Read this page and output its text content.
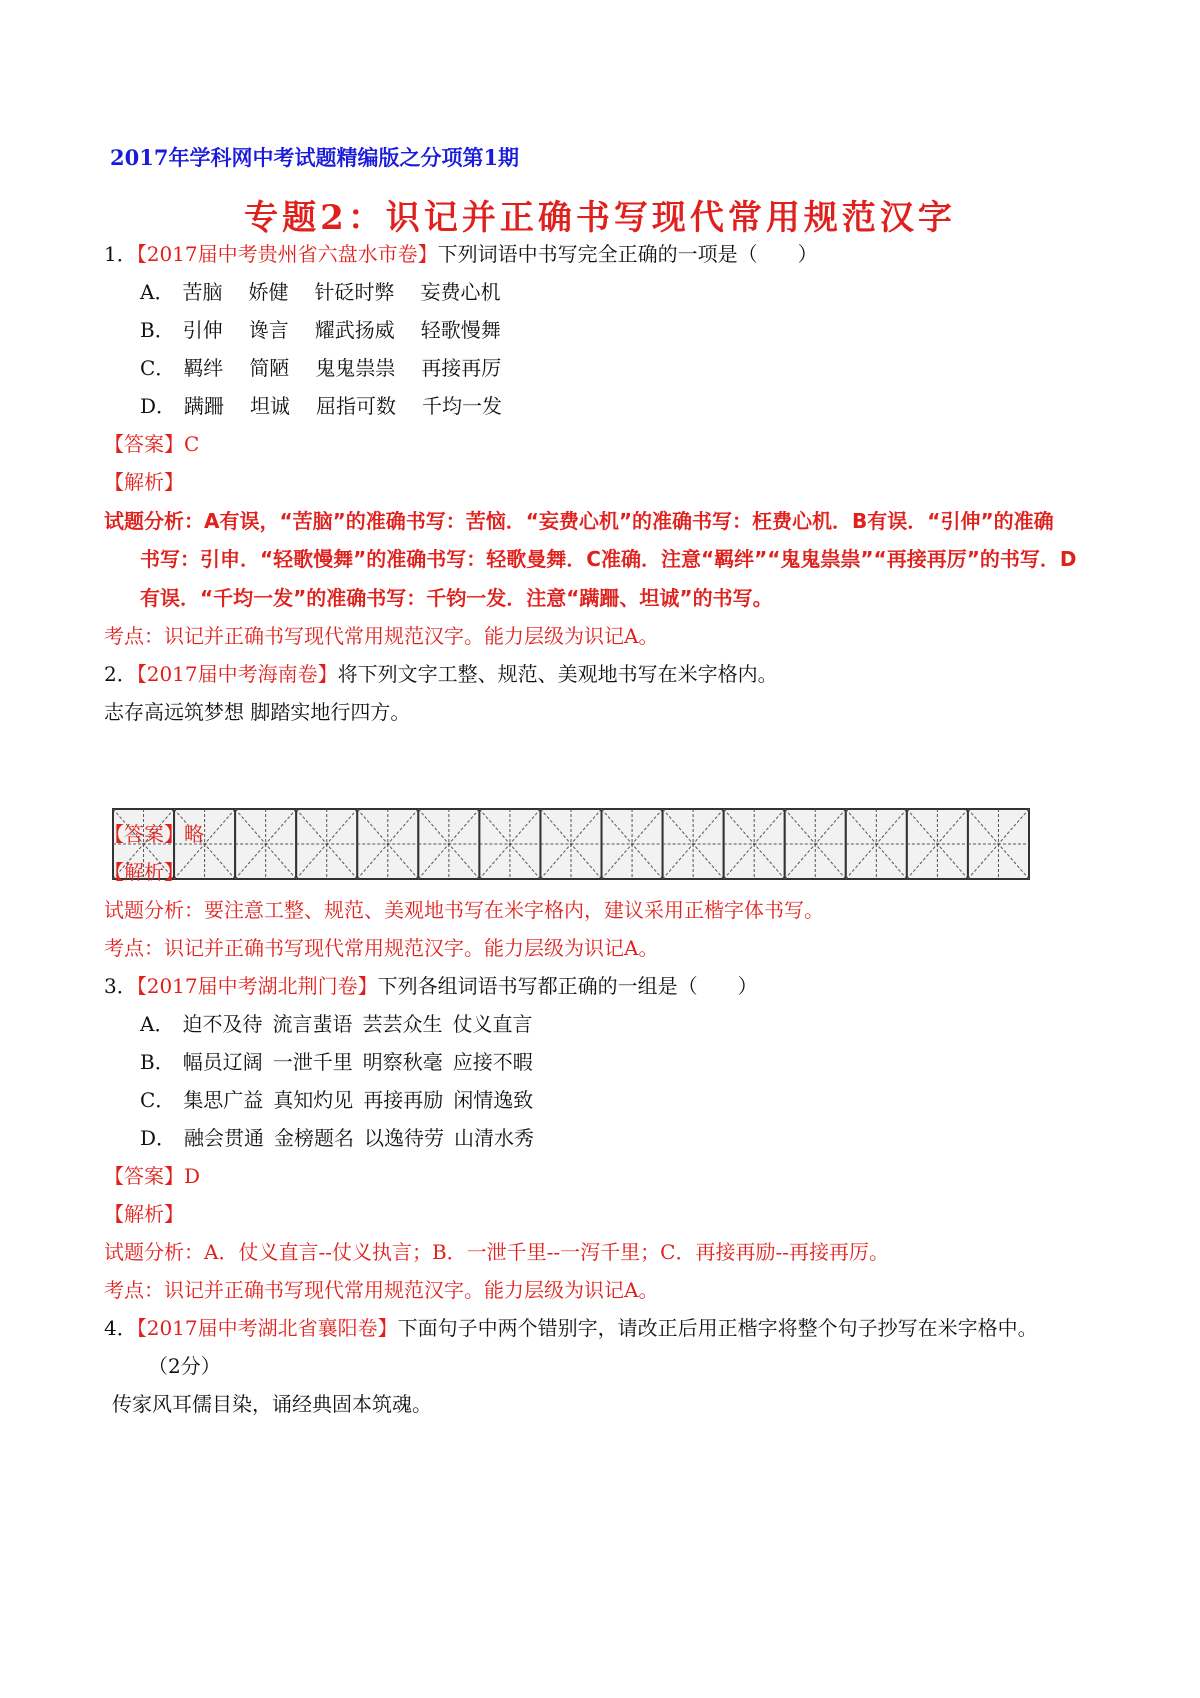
2017年学科网中考试题精编版之分项第1期
专题2：识记并正确书写现代常用规范汉字
1．【2017届中考贵州省六盘水市卷】下列词语中书写完全正确的一项是（　　）
A． 苦脑 娇健 针砭时弊 妄费心机
B． 引伸 谗言 耀武扬威 轻歌慢舞
C． 羁绊 简陋 鬼鬼祟祟 再接再厉
D． 蹒跚 坦诚 屈指可数 千均一发
【答案】C
【解析】
试题分析：A有误，“苦脑”的准确书写：苦恼．“妄费心机”的准确书写：枉费心机．B有误．“引伸”的准确
书写：引申．“轻歌慢舞”的准确书写：轻歌曼舞．C准确．注意“羁绊”“鬼鬼祟祟”“再接再厉”的书写．D
有误．“千均一发”的准确书写：千钧一发．注意“蹒跚、坦诚”的书写。
考点：识记并正确书写现代常用规范汉字。能力层级为识记A。
2．【2017届中考海南卷】将下列文字工整、规范、美观地书写在米字格内。
志存高远筑梦想 脚踏实地行四方。
【答案】略
【解析】
试题分析：要注意工整、规范、美观地书写在米字格内，建议采用正楷字体书写。
考点：识记并正确书写现代常用规范汉字。能力层级为识记A。
3．【2017届中考湖北荆门卷】下列各组词语书写都正确的一组是（　　）
A． 迫不及待 流言蜚语 芸芸众生 仗义直言
B． 幅员辽阔 一泄千里 明察秋毫 应接不暇
C． 集思广益 真知灼见 再接再励 闲情逸致
D． 融会贯通 金榜题名 以逸待劳 山清水秀
【答案】D
【解析】
试题分析：A．仗义直言--仗义执言；B．一泄千里--一泻千里；C．再接再励--再接再厉。
考点：识记并正确书写现代常用规范汉字。能力层级为识记A。
4．【2017届中考湖北省襄阳卷】下面句子中两个错别字，请改正后用正楷字将整个句子抄写在米字格中。
（2分）
传家风耳儒目染，诵经典固本筑魂。
